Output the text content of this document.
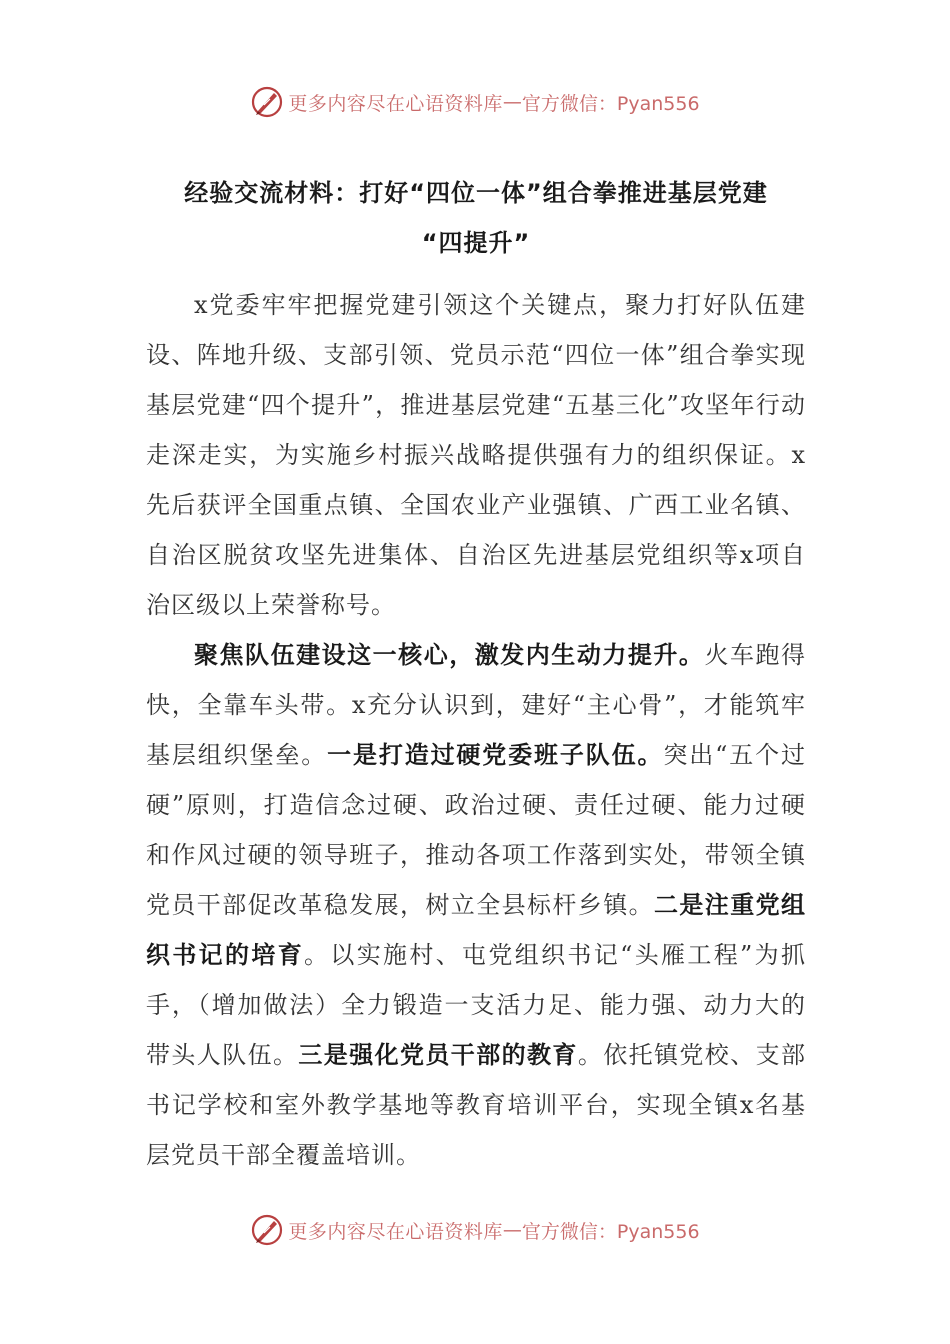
更多内容尽在心语资料库 — 官方微信：Pyan556
经验交流材料：打好“四位一体”组合拳推进基层党建
“四提升”

x党委牢牢把握党建引领这个关键点，聚力打好队伍建设、阵地升级、支部引领、党员示范“四位一体”组合拳实现基层党建“四个提升”，推进基层党建“五基三化”攻坚年行动走深走实，为实施乡村振兴战略提供强有力的组织保证。x先后获评全国重点镇、全国农业产业强镇、广西工业名镇、自治区脱贫攻坚先进集体、自治区先进基层党组织等x项自治区级以上荣誉称号。

聚焦队伍建设这一核心，激发内生动力提升。火车跑得快，全靠车头带。x充分认识到，建好“主心骨”，才能筑牢基层组织堡垒。一是打造过硬党委班子队伍。突出“五个过硬”原则，打造信念过硬、政治过硬、责任过硬、能力过硬和作风过硬的领导班子，推动各项工作落到实处，带领全镇党员干部促改革稳发展，树立全县标杆乡镇。二是注重党组织书记的培育。以实施村、屯党组织书记“头雁工程”为抓手，（增加做法）全力锻造一支活力足、能力强、动力大的带头人队伍。三是强化党员干部的教育。依托镇党校、支部书记学校和室外教学基地等教育培训平台，实现全镇x名基层党员干部全覆盖培训。

更多内容尽在心语资料库 — 官方微信：Pyan556
